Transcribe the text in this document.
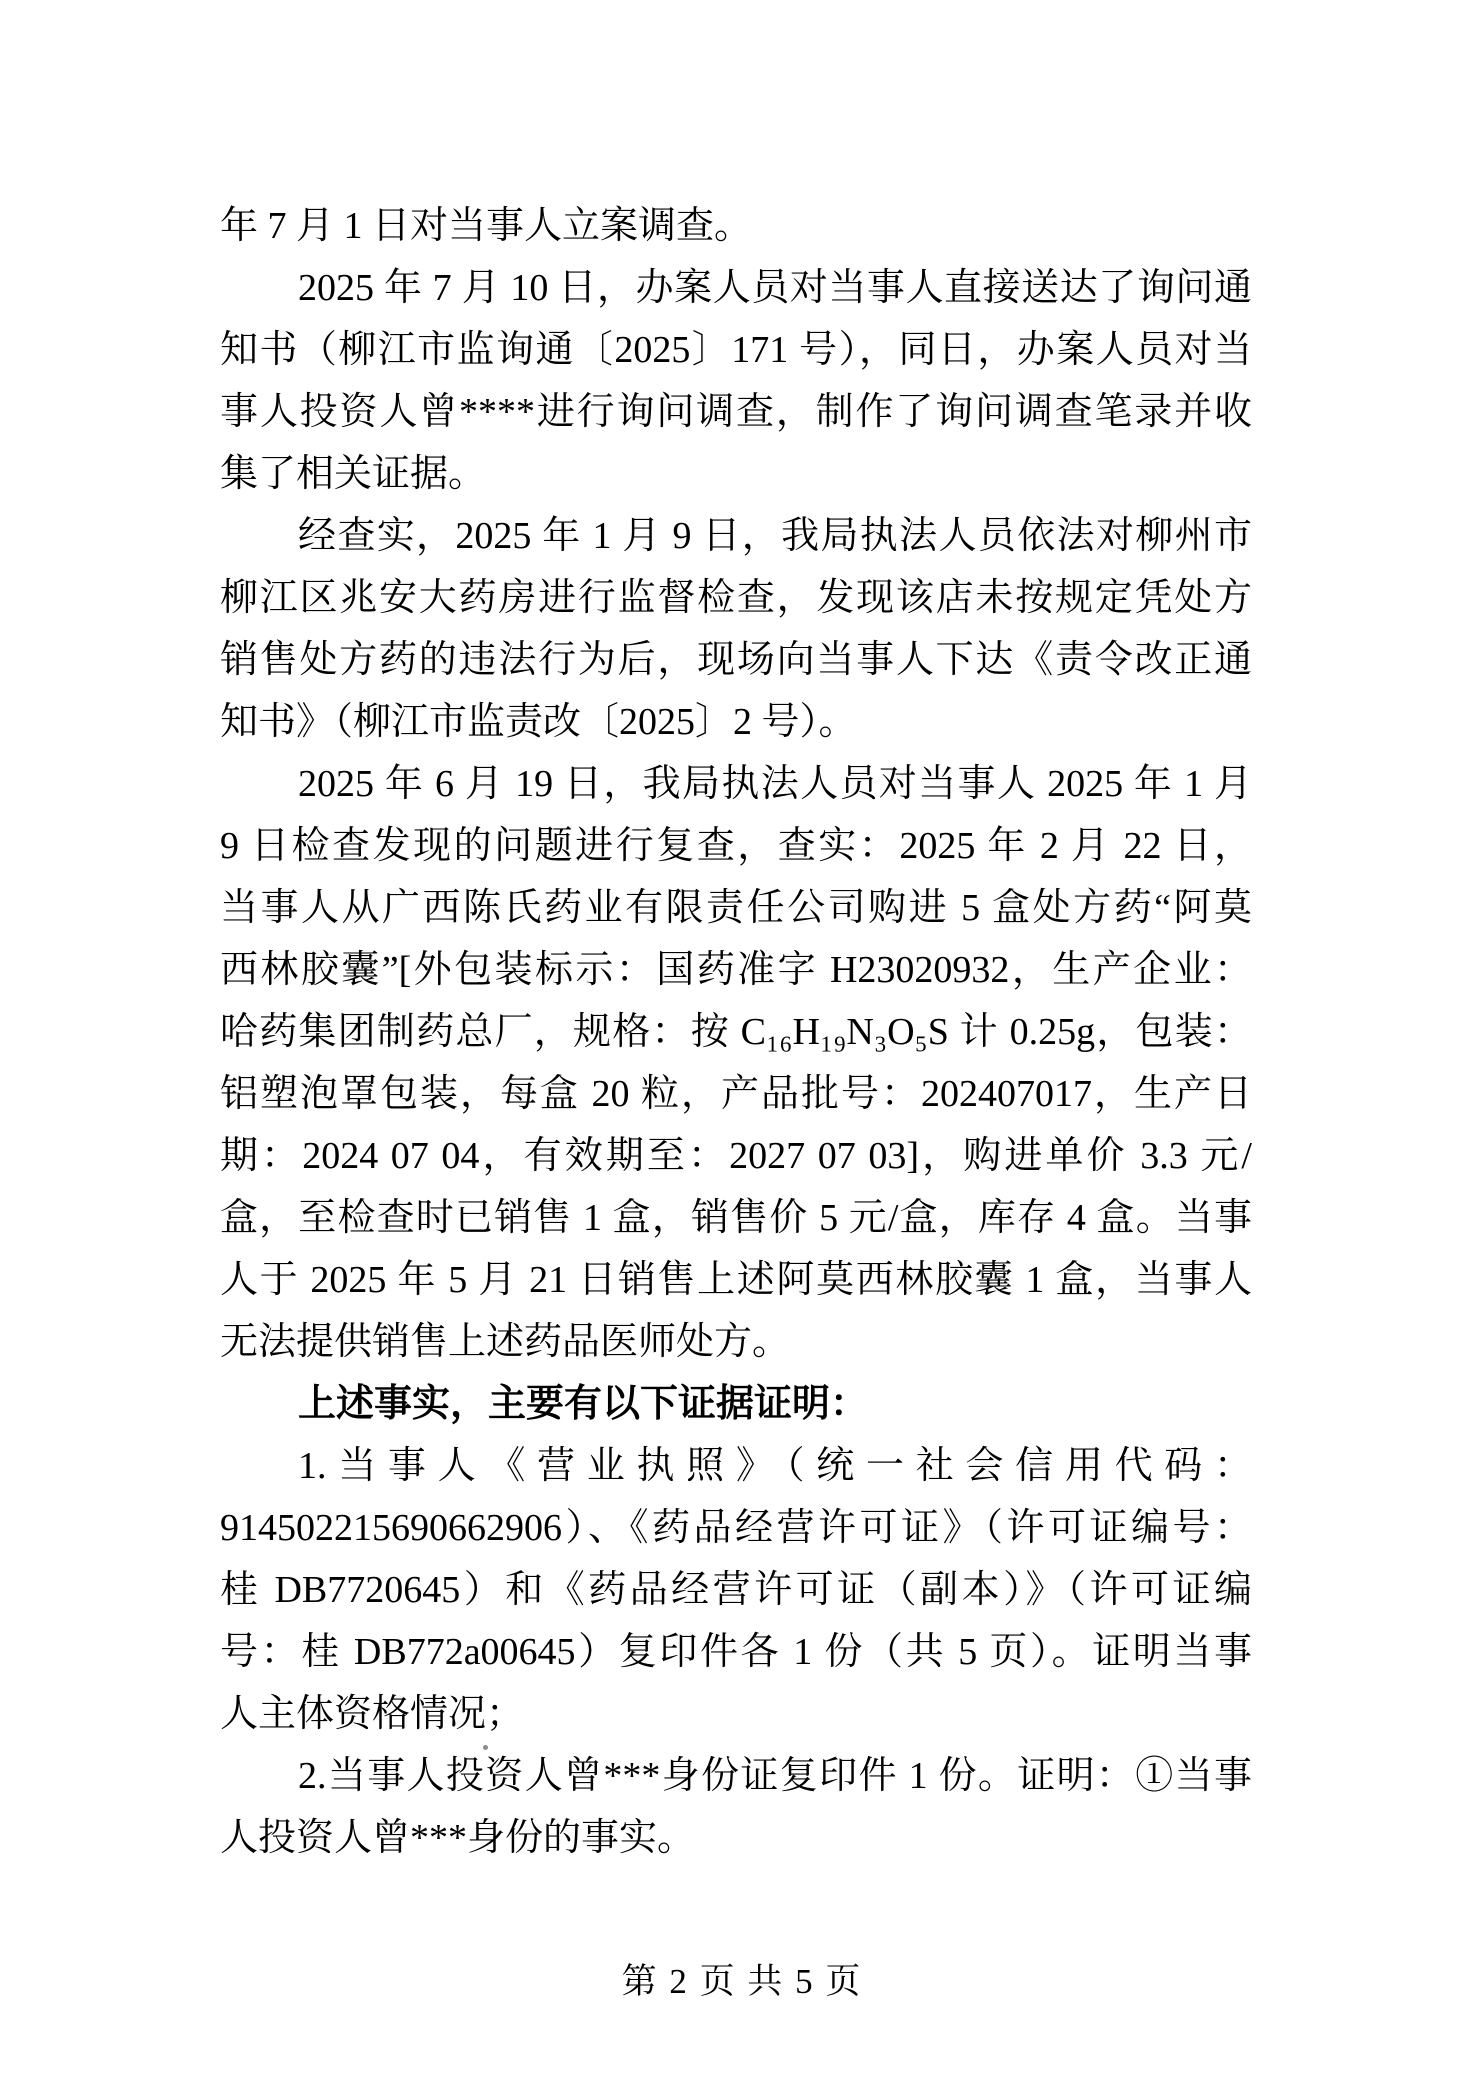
年 7 月 1 日对当事人立案调查。
2025 年 7 月 10 日，办案人员对当事人直接送达了询问通
知书（柳江市监询通〔2025〕171 号），同日，办案人员对当
事人投资人曾****进行询问调查，制作了询问调查笔录并收
集了相关证据。
经查实，2025 年 1 月 9 日，我局执法人员依法对柳州市
柳江区兆安大药房进行监督检查，发现该店未按规定凭处方
销售处方药的违法行为后，现场向当事人下达《责令改正通
知书》（柳江市监责改〔2025〕2 号）。
2025 年 6 月 19 日，我局执法人员对当事人 2025 年 1 月
9 日检查发现的问题进行复查，查实：2025 年 2 月 22 日，
当事人从广西陈氏药业有限责任公司购进 5 盒处方药“阿莫
西林胶囊”[外包装标示：国药准字 H23020932，生产企业：
哈药集团制药总厂，规格：按 C₁₆H₁₉N₃O₅S 计 0.25g，包装：
铝塑泡罩包装，每盒 20 粒，产品批号：202407017，生产日
期：2024 07 04，有效期至：2027 07 03]，购进单价 3.3 元/
盒，至检查时已销售 1 盒，销售价 5 元/盒，库存 4 盒。当事
人于 2025 年 5 月 21 日销售上述阿莫西林胶囊 1 盒，当事人
无法提供销售上述药品医师处方。
上述事实，主要有以下证据证明：
1.当事人《营业执照》（统一社会信用代码：
914502215690662906）、《药品经营许可证》（许可证编号：
桂 DB7720645）和《药品经营许可证（副本）》（许可证编
号：桂 DB772a00645）复印件各 1 份（共 5 页）。证明当事
人主体资格情况；
2.当事人投资人曾***身份证复印件 1 份。证明：①当事
人投资人曾***身份的事实。
第 2 页 共 5 页
